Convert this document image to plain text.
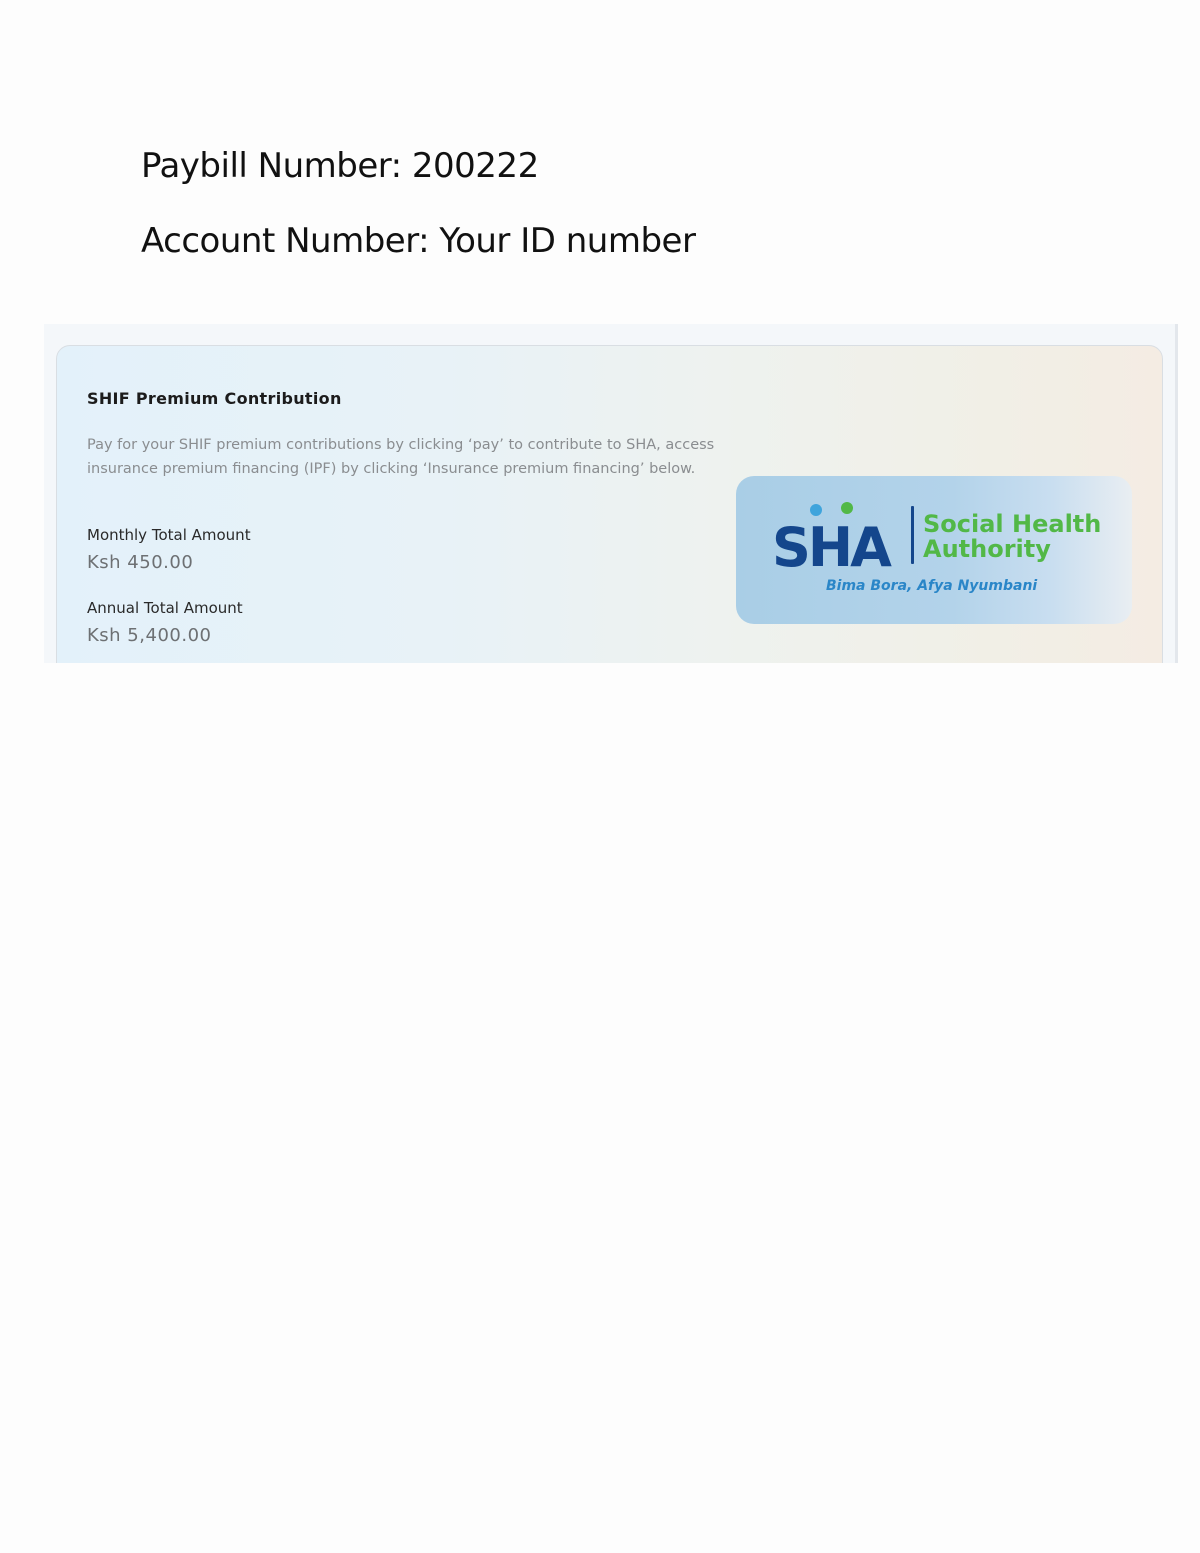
Paybill Number: 200222
Account Number: Your ID number
SHIF Premium Contribution
Pay for your SHIF premium contributions by clicking ‘pay’ to contribute to SHA, access insurance premium financing (IPF) by clicking ‘Insurance premium financing’ below.
Monthly Total Amount
Ksh 450.00
Annual Total Amount
Ksh 5,400.00
SHA Social Health
Authority
Bima Bora, Afya Nyumbani
